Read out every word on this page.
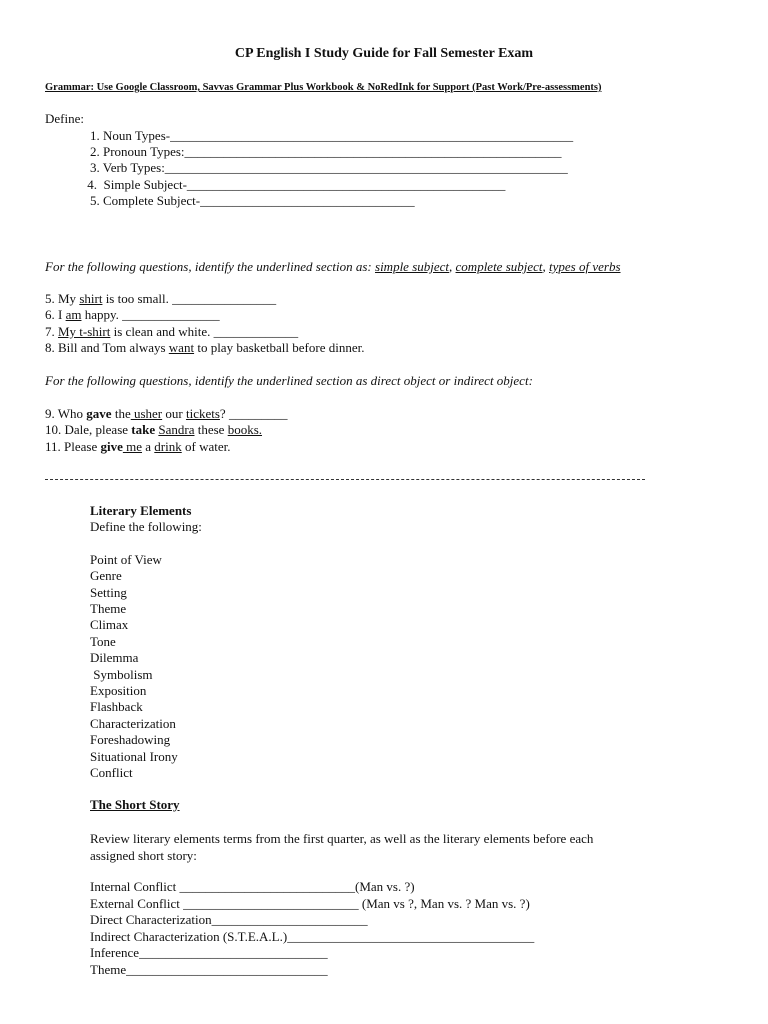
CP English I Study Guide for Fall Semester Exam
Grammar: Use Google Classroom, Savvas Grammar Plus Workbook & NoRedInk for Support (Past Work/Pre-assessments)
Define:
1. Noun Types-______________________________________________________________
2. Pronoun Types:__________________________________________________________
3. Verb Types:______________________________________________________________
4.  Simple Subject-_________________________________________________
5. Complete Subject-_________________________________
For the following questions, identify the underlined section as: simple subject, complete subject, types of verbs
5. My shirt is too small. ________________
6. I am happy. _______________
7. My t-shirt is clean and white. _____________
8. Bill and Tom always want to play basketball before dinner.
For the following questions, identify the underlined section as direct object or indirect object:
9. Who gave the usher our tickets? _________
10. Dale, please take Sandra these books.
11. Please give me a drink of water.
Literary Elements
Define the following:
Point of View
Genre
Setting
Theme
Climax
Tone
Dilemma
Symbolism
Exposition
Flashback
Characterization
Foreshadowing
Situational Irony
Conflict
The Short Story
Review literary elements terms from the first quarter, as well as the literary elements before each
assigned short story:
Internal Conflict ___________________________(Man vs. ?)
External Conflict ___________________________ (Man vs ?, Man vs. ? Man vs. ?)
Direct Characterization________________________
Indirect Characterization (S.T.E.A.L.)______________________________________
Inference_____________________________
Theme_______________________________
